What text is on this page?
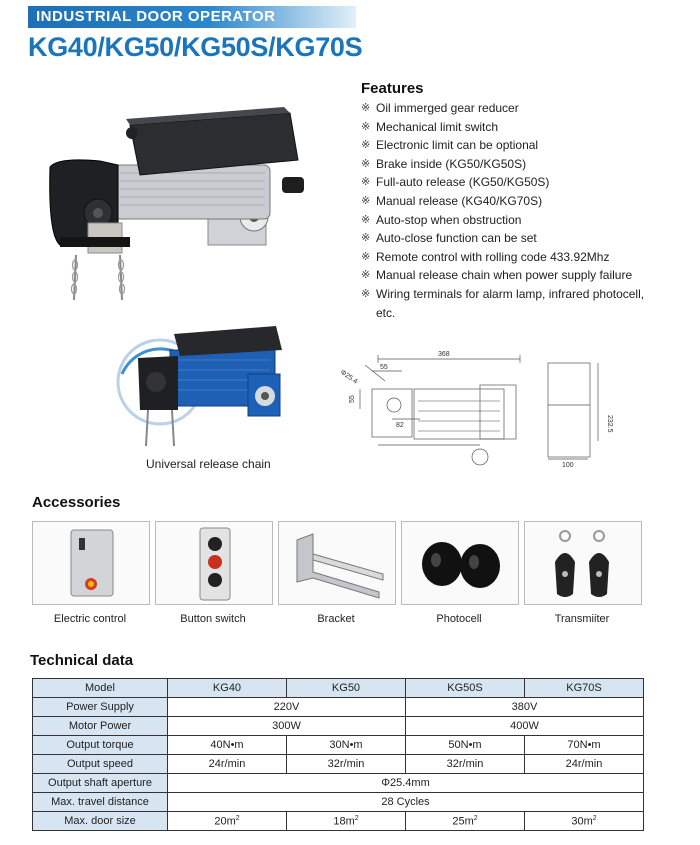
INDUSTRIAL DOOR OPERATOR
KG40/KG50/KG50S/KG70S
Features
※ Oil immerged gear reducer
※ Mechanical limit switch
※ Electronic limit can be optional
※ Brake inside (KG50/KG50S)
※ Full-auto release (KG50/KG50S)
※ Manual release (KG40/KG70S)
※ Auto-stop when obstruction
※ Auto-close function can be set
※ Remote control with rolling code 433.92Mhz
※ Manual release chain when power supply failure
※ Wiring terminals for alarm lamp, infrared photocell, etc.
Universal release chain
368
Φ25.4
55
55
82	232.5
100
Accessories
Electric control	Button switch	Bracket	Photocell	Transmiiter
Technical data
Model	KG40	KG50	KG50S	KG70S
Power Supply	220V		380V	
Motor Power	300W		400W	
Output torque	40N•m	30N•m	50N•m	70N•m
Output speed	24r/min	32r/min	32r/min	24r/min
Output shaft aperture	Φ25.4mm			
Max. travel distance	28 Cycles			
Max. door size	$20m^2$	$18m^2$	$25m^2$	$30m^2$
